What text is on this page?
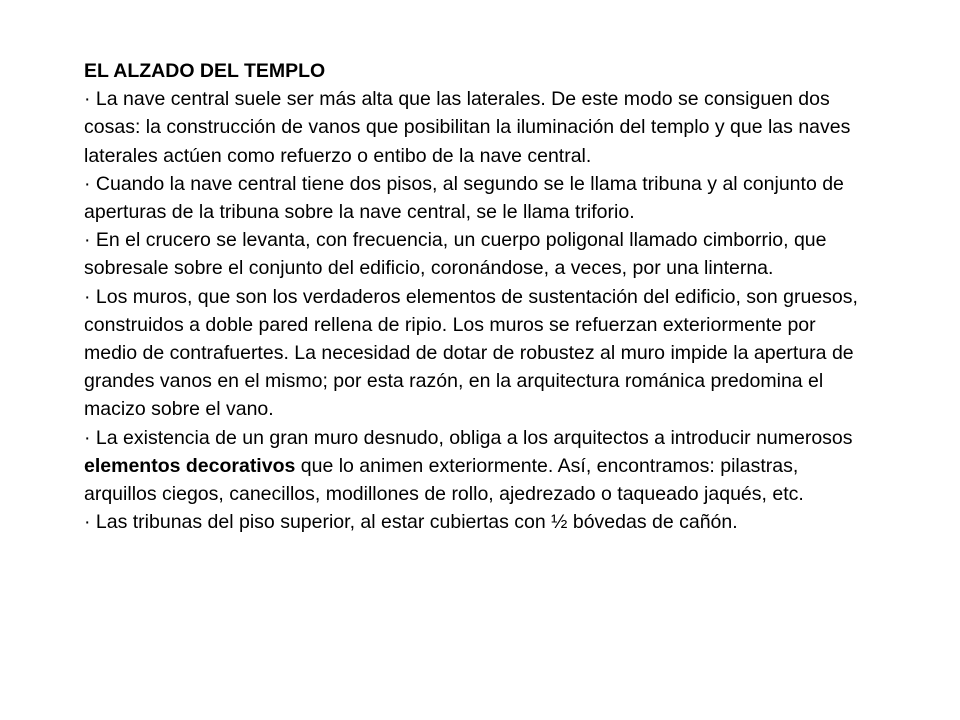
EL ALZADO DEL TEMPLO

· La nave central suele ser más alta que las laterales. De este modo se consiguen dos cosas: la construcción de vanos que posibilitan la iluminación del templo y que las naves laterales actúen como refuerzo o entibo de la nave central.

· Cuando la nave central tiene dos pisos, al segundo se le llama tribuna y al conjunto de aperturas de la tribuna sobre la nave central, se le llama triforio.

· En el crucero se levanta, con frecuencia, un cuerpo poligonal llamado cimborrio, que sobresale sobre el conjunto del edificio, coronándose, a veces, por una linterna.

· Los muros, que son los verdaderos elementos de sustentación del edificio, son gruesos, construidos a doble pared rellena de ripio. Los muros se refuerzan exteriormente por medio de contrafuertes. La necesidad de dotar de robustez al muro impide la apertura de grandes vanos en el mismo; por esta razón, en la arquitectura románica predomina el macizo sobre el vano.

· La existencia de un gran muro desnudo, obliga a los arquitectos a introducir numerosos elementos decorativos que lo animen exteriormente. Así, encontramos: pilastras, arquillos ciegos, canecillos, modillones de rollo, ajedrezado o taqueado jaqués, etc.

· Las tribunas del piso superior, al estar cubiertas con ½ bóvedas de cañón.
